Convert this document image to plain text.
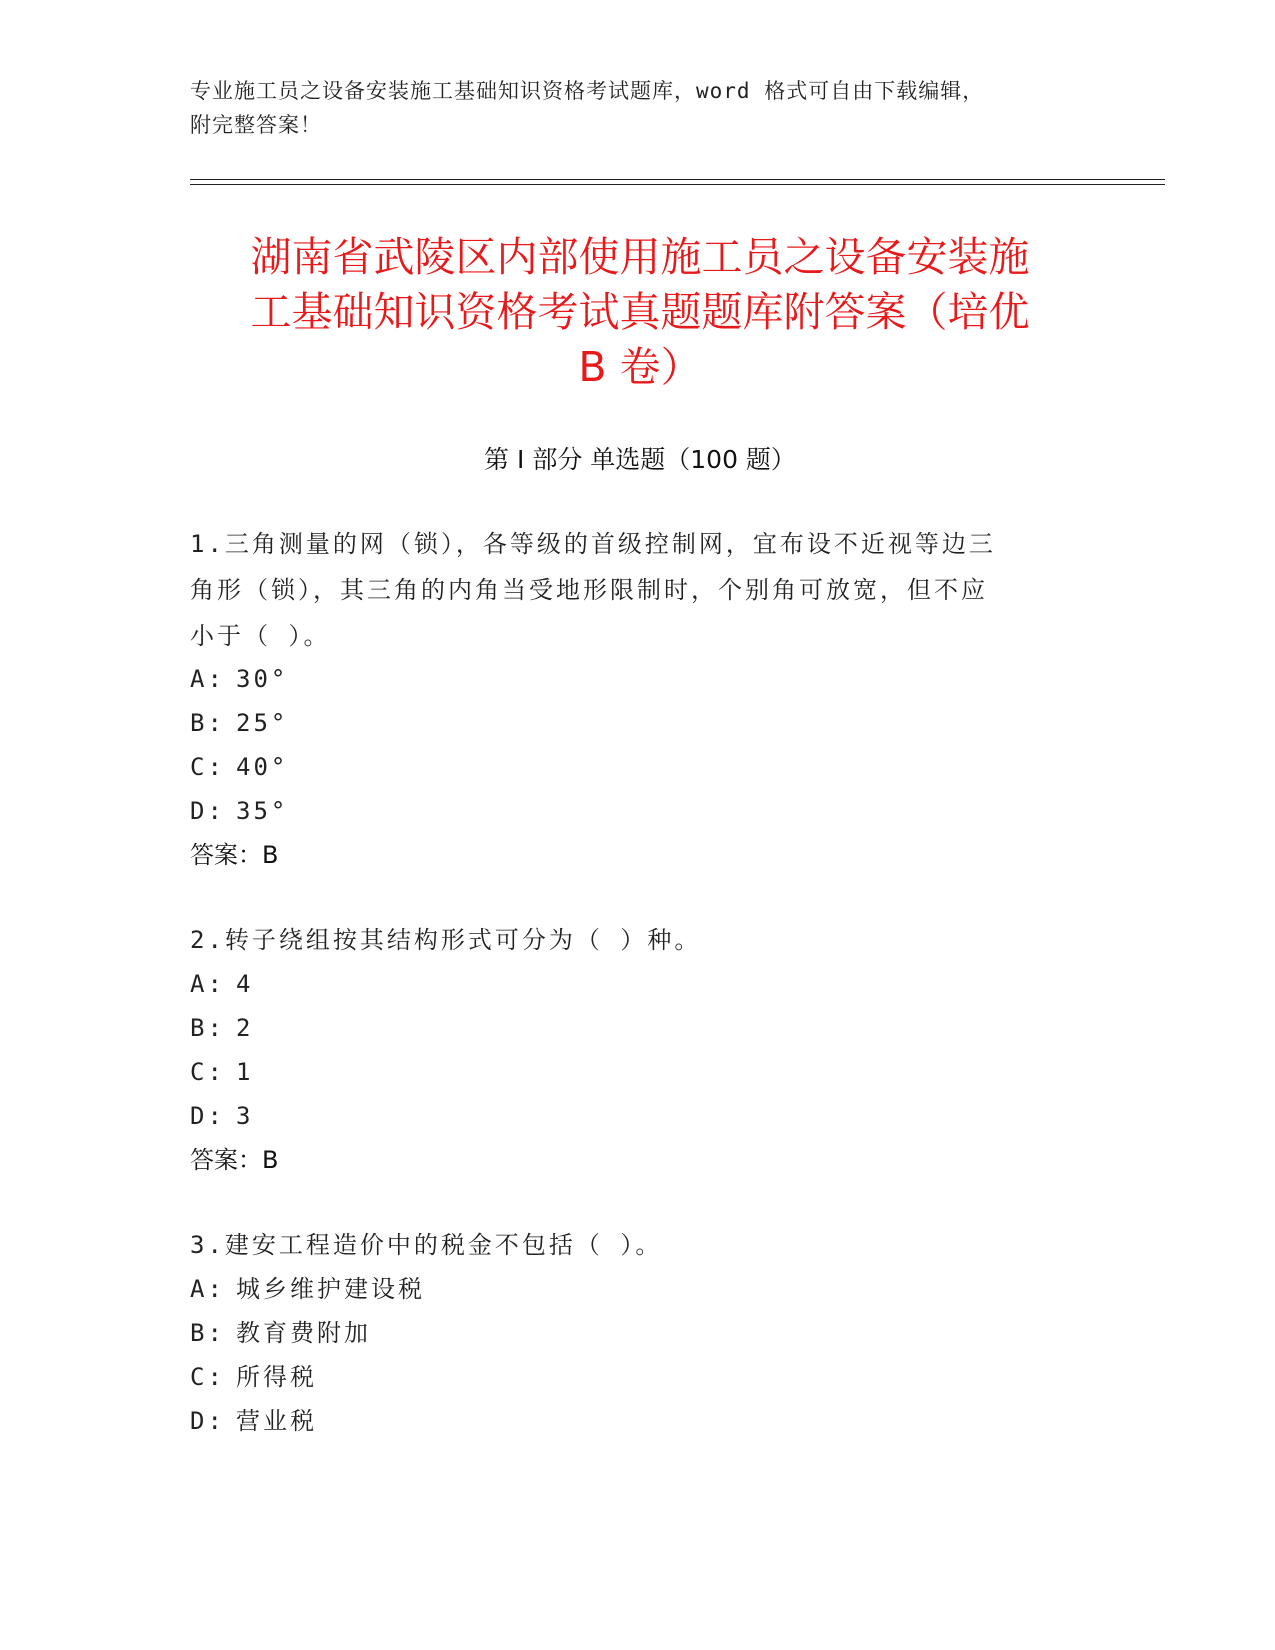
专业施工员之设备安装施工基础知识资格考试题库，word 格式可自由下载编辑，
附完整答案！
湖南省武陵区内部使用施工员之设备安装施
工基础知识资格考试真题题库附答案（培优
B 卷）
第 I 部分 单选题（100 题）
1.三角测量的网（锁），各等级的首级控制网，宜布设不近视等边三
角形（锁），其三角的内角当受地形限制时，个别角可放宽，但不应
小于（ ）。
A: 30°
B: 25°
C: 40°
D: 35°
答案：B
2.转子绕组按其结构形式可分为（ ）种。
A: 4
B: 2
C: 1
D: 3
答案：B
3.建安工程造价中的税金不包括（ ）。
A: 城乡维护建设税
B: 教育费附加
C: 所得税
D: 营业税
